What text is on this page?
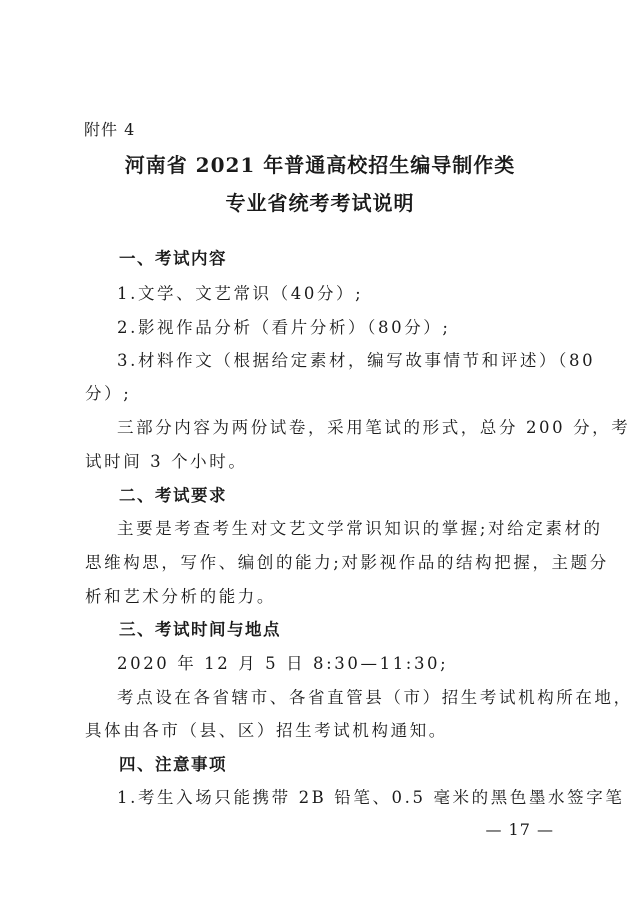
附件 4
河南省 2021 年普通高校招生编导制作类
专业省统考考试说明
一、考试内容
1.文学、文艺常识（40分）;
2.影视作品分析（看片分析）（80分）;
3.材料作文（根据给定素材，编写故事情节和评述）（80
分）;
三部分内容为两份试卷，采用笔试的形式，总分 200 分，考
试时间 3 个小时。
二、考试要求
主要是考查考生对文艺文学常识知识的掌握;对给定素材的
思维构思，写作、编创的能力;对影视作品的结构把握，主题分
析和艺术分析的能力。
三、考试时间与地点
2020 年 12 月 5 日 8:30—11:30;
考点设在各省辖市、各省直管县（市）招生考试机构所在地，
具体由各市（县、区）招生考试机构通知。
四、注意事项
1.考生入场只能携带 2B 铅笔、0.5 毫米的黑色墨水签字笔
— 17 —
